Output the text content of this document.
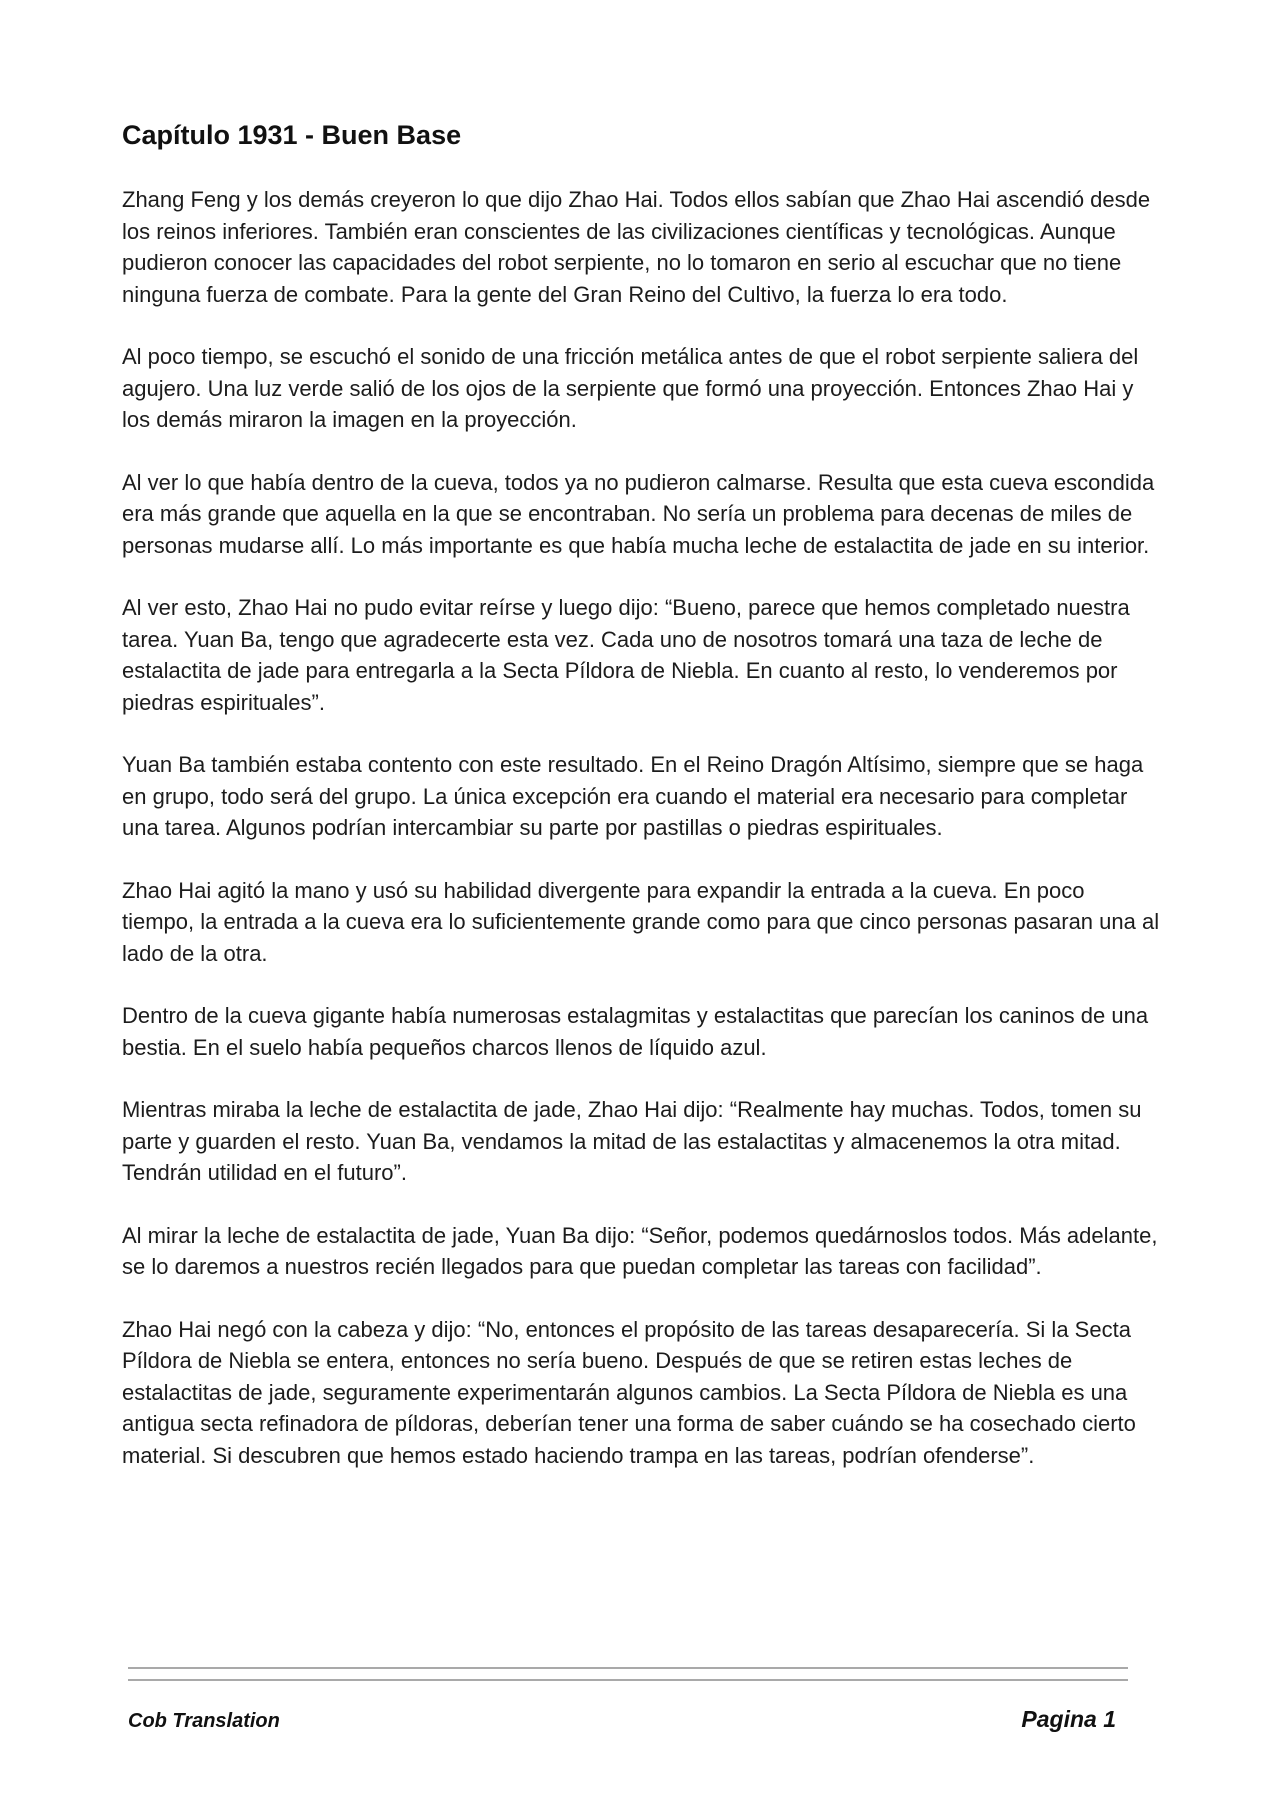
Capítulo 1931 - Buen Base

Zhang Feng y los demás creyeron lo que dijo Zhao Hai. Todos ellos sabían que Zhao Hai ascendió desde los reinos inferiores. También eran conscientes de las civilizaciones científicas y tecnológicas. Aunque pudieron conocer las capacidades del robot serpiente, no lo tomaron en serio al escuchar que no tiene ninguna fuerza de combate. Para la gente del Gran Reino del Cultivo, la fuerza lo era todo.

Al poco tiempo, se escuchó el sonido de una fricción metálica antes de que el robot serpiente saliera del agujero. Una luz verde salió de los ojos de la serpiente que formó una proyección. Entonces Zhao Hai y los demás miraron la imagen en la proyección.

Al ver lo que había dentro de la cueva, todos ya no pudieron calmarse. Resulta que esta cueva escondida era más grande que aquella en la que se encontraban. No sería un problema para decenas de miles de personas mudarse allí. Lo más importante es que había mucha leche de estalactita de jade en su interior.

Al ver esto, Zhao Hai no pudo evitar reírse y luego dijo: “Bueno, parece que hemos completado nuestra tarea. Yuan Ba, tengo que agradecerte esta vez. Cada uno de nosotros tomará una taza de leche de estalactita de jade para entregarla a la Secta Píldora de Niebla. En cuanto al resto, lo venderemos por piedras espirituales”.

Yuan Ba también estaba contento con este resultado. En el Reino Dragón Altísimo, siempre que se haga en grupo, todo será del grupo. La única excepción era cuando el material era necesario para completar una tarea. Algunos podrían intercambiar su parte por pastillas o piedras espirituales.

Zhao Hai agitó la mano y usó su habilidad divergente para expandir la entrada a la cueva. En poco tiempo, la entrada a la cueva era lo suficientemente grande como para que cinco personas pasaran una al lado de la otra.

Dentro de la cueva gigante había numerosas estalagmitas y estalactitas que parecían los caninos de una bestia. En el suelo había pequeños charcos llenos de líquido azul.

Mientras miraba la leche de estalactita de jade, Zhao Hai dijo: “Realmente hay muchas. Todos, tomen su parte y guarden el resto. Yuan Ba, vendamos la mitad de las estalactitas y almacenemos la otra mitad. Tendrán utilidad en el futuro”.

Al mirar la leche de estalactita de jade, Yuan Ba dijo: “Señor, podemos quedárnoslos todos. Más adelante, se lo daremos a nuestros recién llegados para que puedan completar las tareas con facilidad”.

Zhao Hai negó con la cabeza y dijo: “No, entonces el propósito de las tareas desaparecería. Si la Secta Píldora de Niebla se entera, entonces no sería bueno. Después de que se retiren estas leches de estalactitas de jade, seguramente experimentarán algunos cambios. La Secta Píldora de Niebla es una antigua secta refinadora de píldoras, deberían tener una forma de saber cuándo se ha cosechado cierto material. Si descubren que hemos estado haciendo trampa en las tareas, podrían ofenderse”.

Cob Translation	Pagina 1
